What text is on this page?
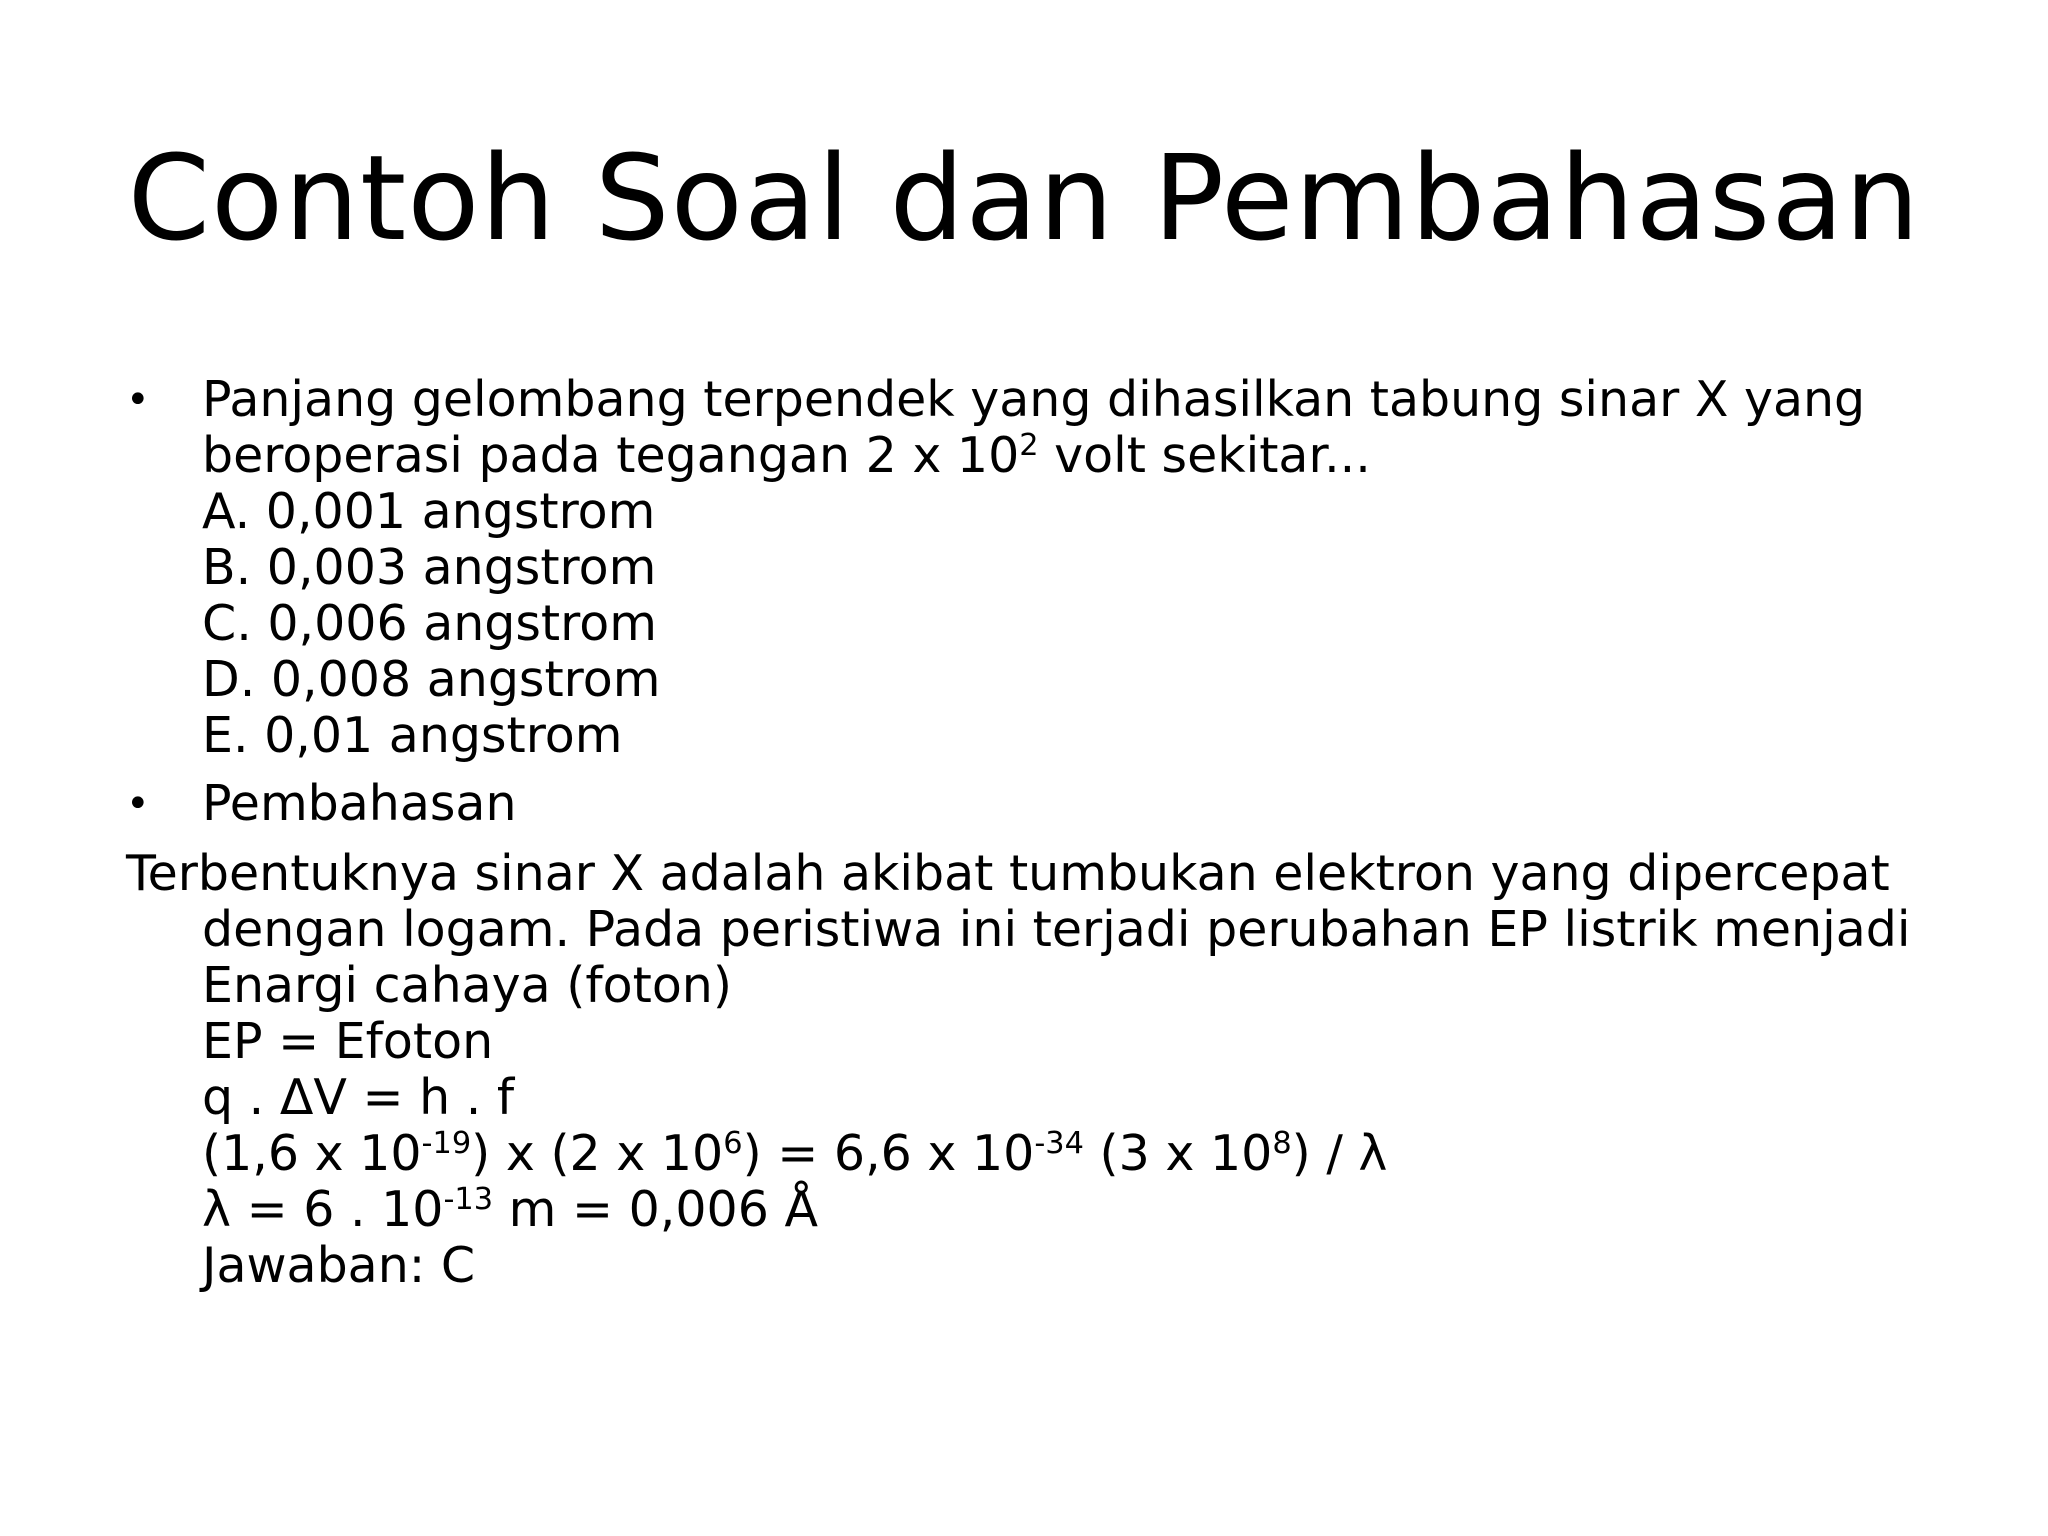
Contoh Soal dan Pembahasan
• Panjang gelombang terpendek yang dihasilkan tabung sinar X yang
beroperasi pada tegangan 2 x $10^2$ volt sekitar...
A. 0,001 angstrom
B. 0,003 angstrom
C. 0,006 angstrom
D. 0,008 angstrom
E. 0,01 angstrom
• Pembahasan
Terbentuknya sinar X adalah akibat tumbukan elektron yang dipercepat
dengan logam. Pada peristiwa ini terjadi perubahan EP listrik menjadi
Enargi cahaya (foton)
EP = Efoton
q . ΔV = h . f
(1,6 x $10^{-19}$) x (2 x $10^6) = 6,6$ x $10^{-34}$ (3 x $10^8$) / λ
λ = 6 . $10^{-13}$ m = 0,006 Å
Jawaban: C
